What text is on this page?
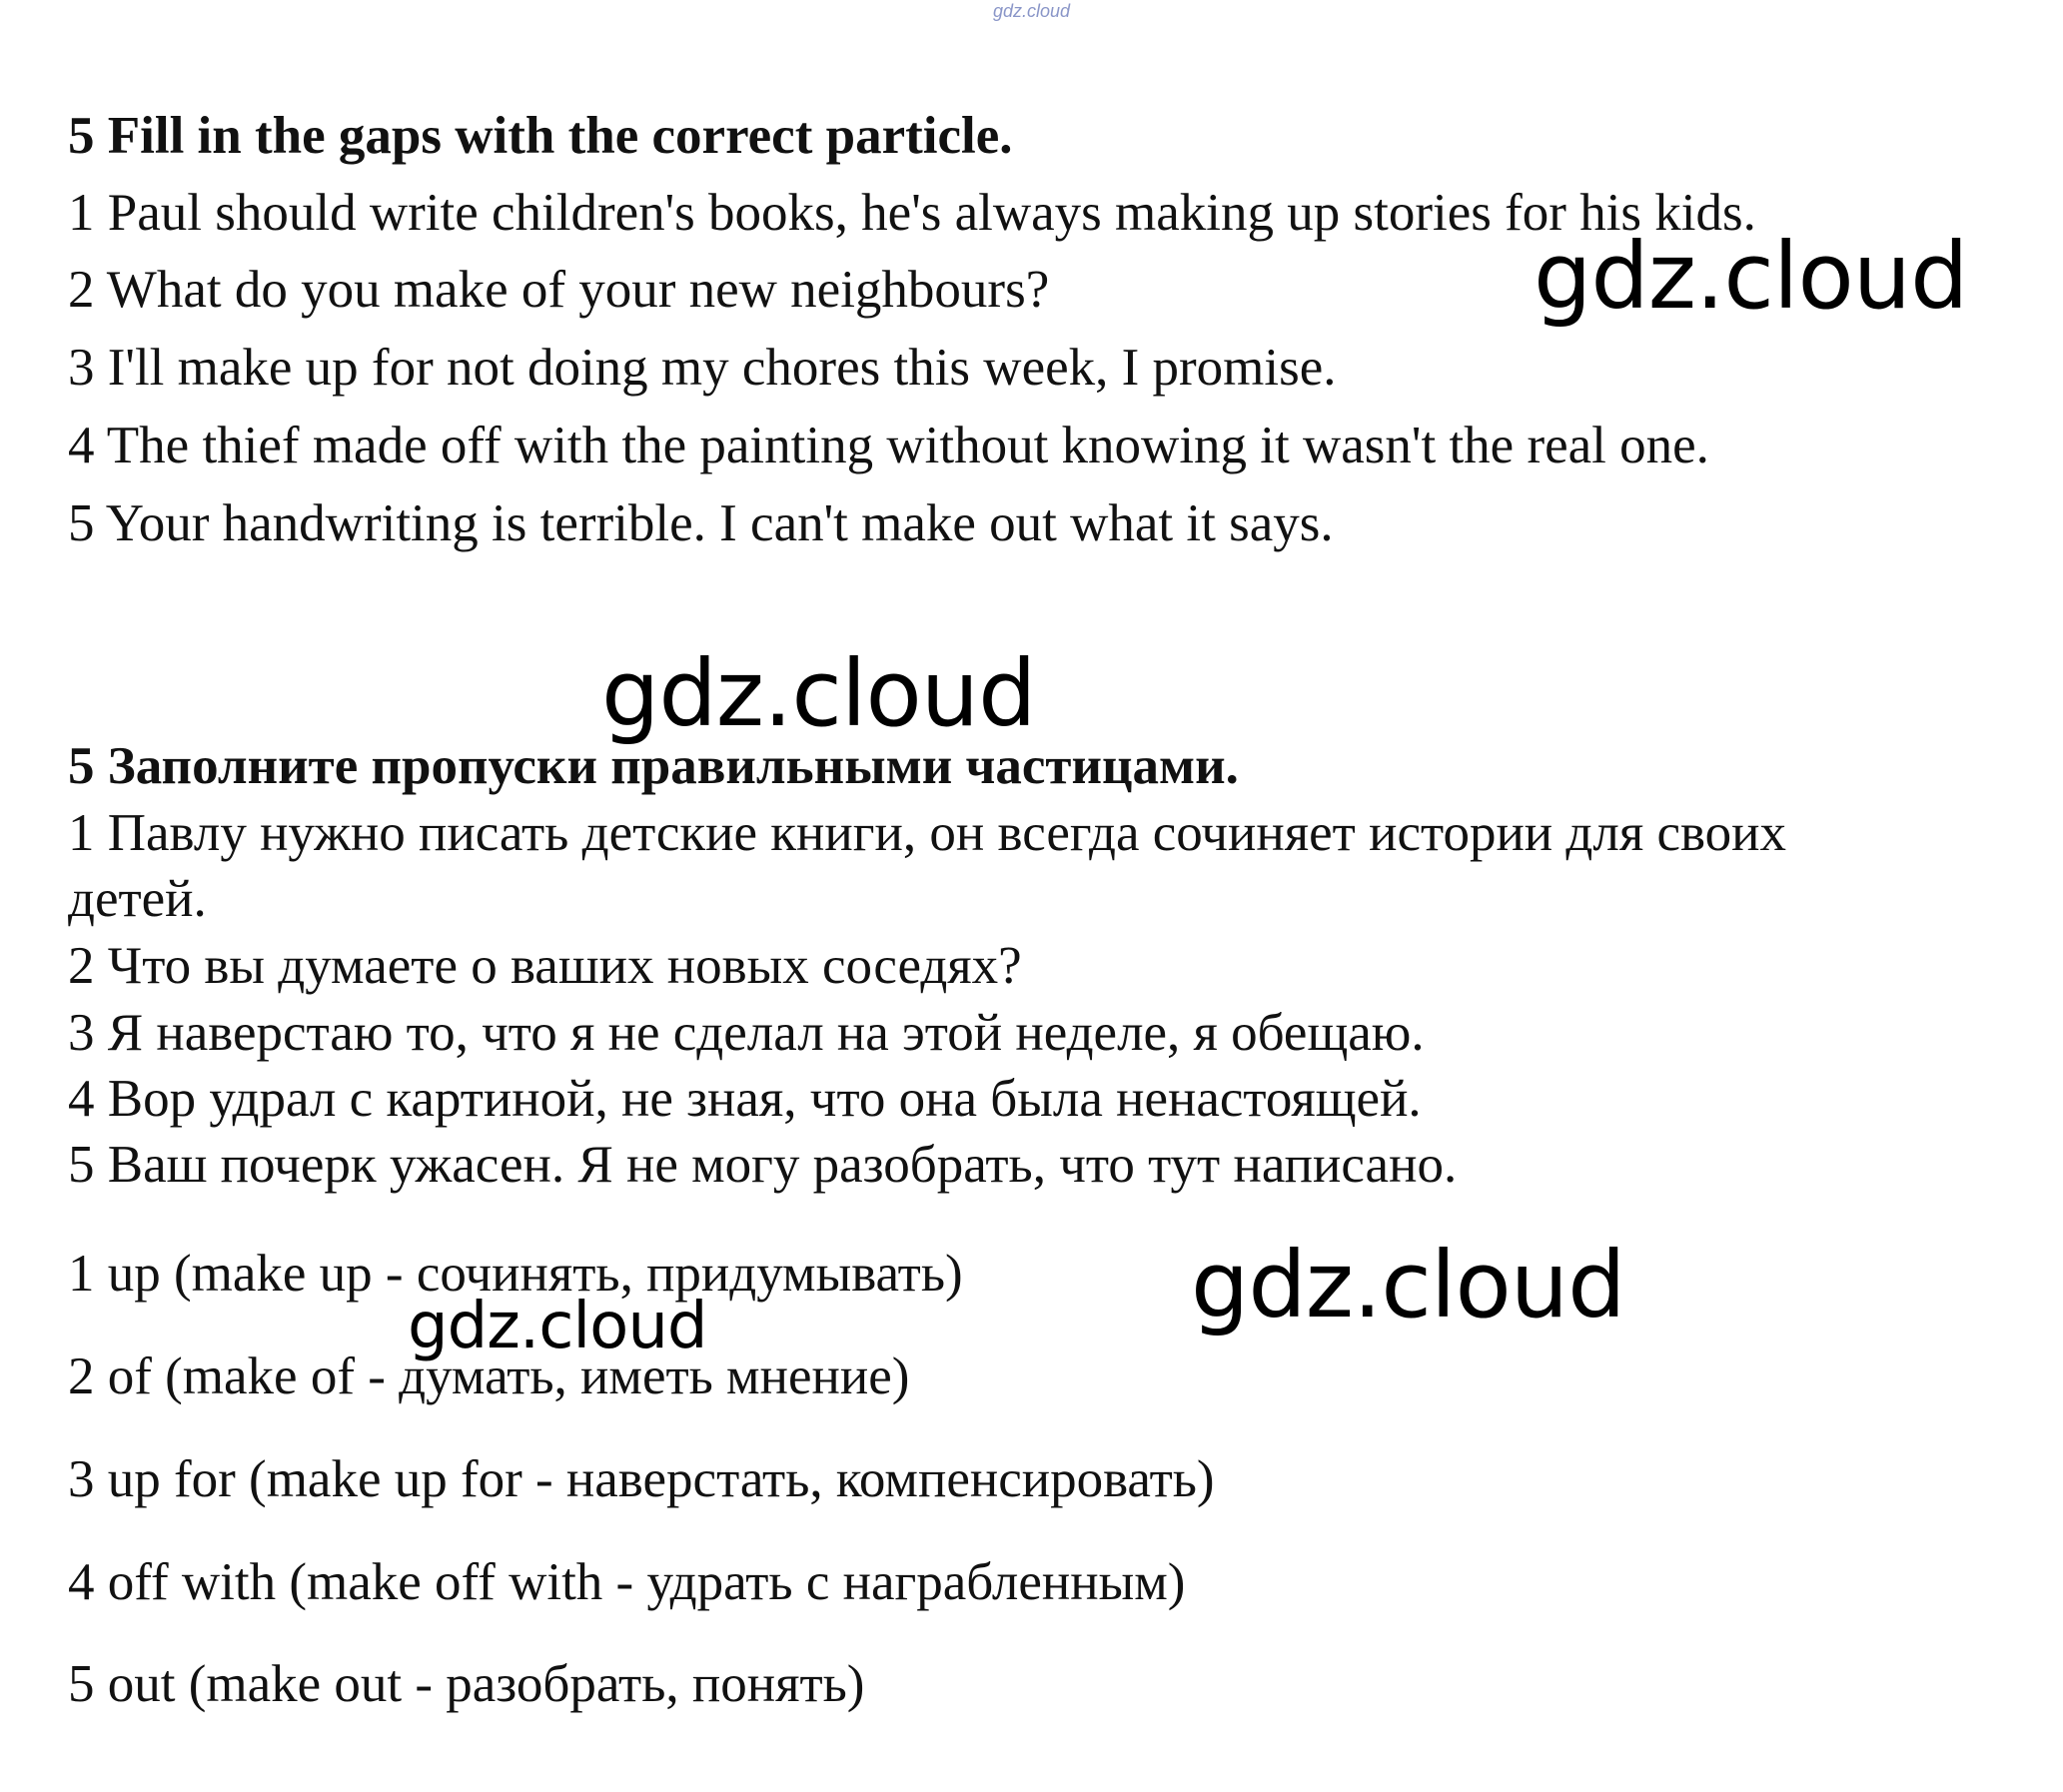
gdz.cloud
5 Fill in the gaps with the correct particle.
1 Paul should write children's books, he's always making up stories for his kids.
2 What do you make of your new neighbours?
3 I'll make up for not doing my chores this week, I promise.
4 The thief made off with the painting without knowing it wasn't the real one.
5 Your handwriting is terrible. I can't make out what it says.
5 Заполните пропуски правильными частицами.
1 Павлу нужно писать детские книги, он всегда сочиняет истории для своих
детей.
2 Что вы думаете о ваших новых соседях?
3 Я наверстаю то, что я не сделал на этой неделе, я обещаю.
4 Вор удрал с картиной, не зная, что она была ненастоящей.
5 Ваш почерк ужасен. Я не могу разобрать, что тут написано.
1 up (make up - сочинять, придумывать)
2 of (make of - думать, иметь мнение)
3 up for (make up for - наверстать, компенсировать)
4 off with (make off with - удрать с награбленным)
5 out (make out - разобрать, понять)
gdz.cloud
gdz.cloud
gdz.cloud
gdz.cloud
